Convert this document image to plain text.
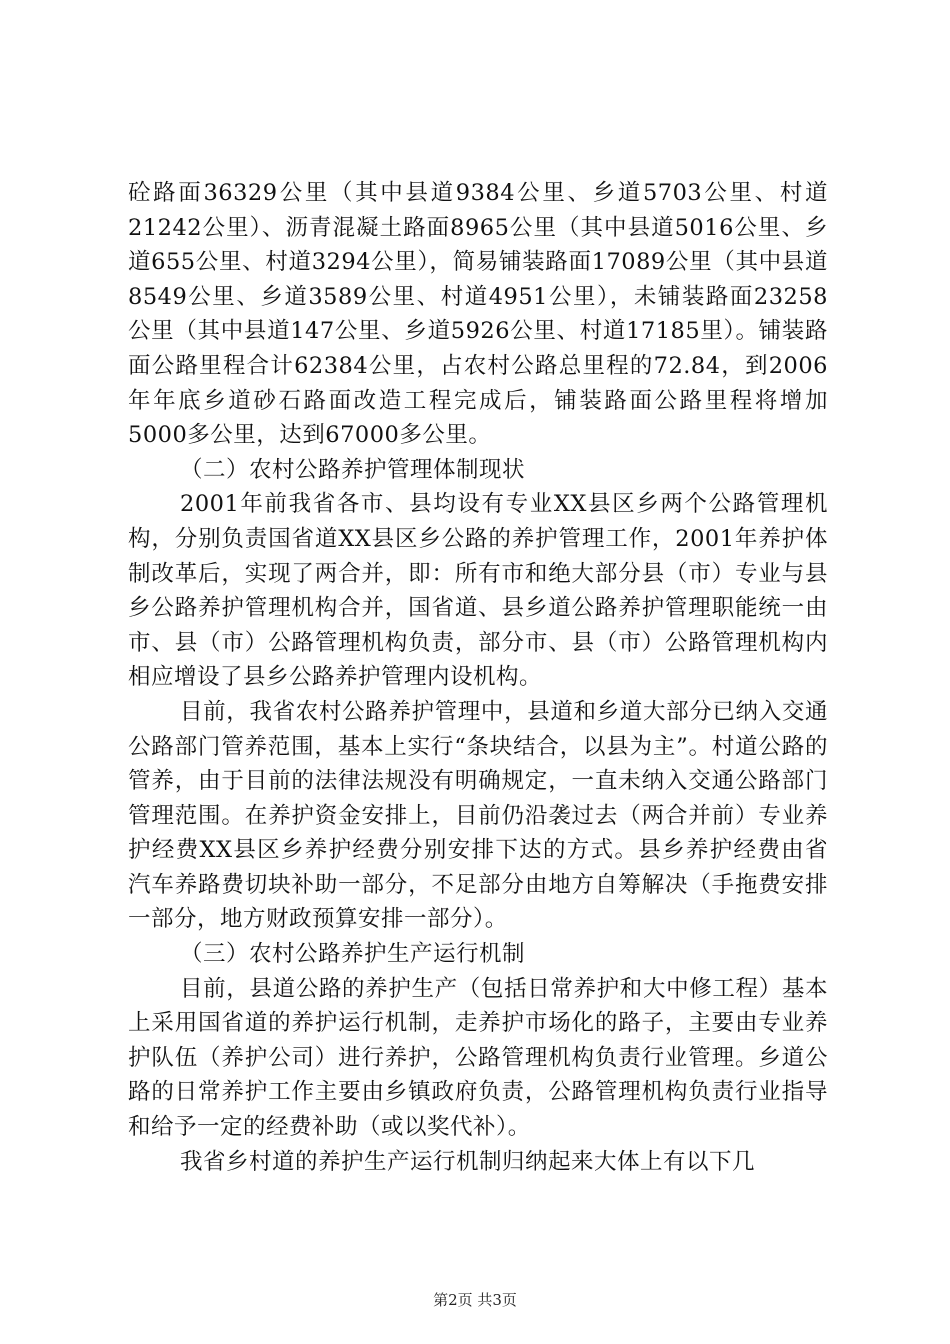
砼路面36329公里（其中县道9384公里、乡道5703公里、村道21242公里）、沥青混凝土路面8965公里（其中县道5016公里、乡道655公里、村道3294公里），简易铺装路面17089公里（其中县道8549公里、乡道3589公里、村道4951公里），未铺装路面23258公里（其中县道147公里、乡道5926公里、村道17185里）。铺装路面公路里程合计62384公里，占农村公路总里程的72.84，到2006年年底乡道砂石路面改造工程完成后，铺装路面公路里程将增加5000多公里，达到67000多公里。

（二）农村公路养护管理体制现状

2001年前我省各市、县均设有专业XX县区乡两个公路管理机构，分别负责国省道XX县区乡公路的养护管理工作，2001年养护体制改革后，实现了两合并，即：所有市和绝大部分县（市）专业与县乡公路养护管理机构合并，国省道、县乡道公路养护管理职能统一由市、县（市）公路管理机构负责，部分市、县（市）公路管理机构内相应增设了县乡公路养护管理内设机构。

目前，我省农村公路养护管理中，县道和乡道大部分已纳入交通公路部门管养范围，基本上实行“条块结合，以县为主”。村道公路的管养，由于目前的法律法规没有明确规定，一直未纳入交通公路部门管理范围。在养护资金安排上，目前仍沿袭过去（两合并前）专业养护经费XX县区乡养护经费分别安排下达的方式。县乡养护经费由省汽车养路费切块补助一部分，不足部分由地方自筹解决（手拖费安排一部分，地方财政预算安排一部分）。

（三）农村公路养护生产运行机制

目前，县道公路的养护生产（包括日常养护和大中修工程）基本上采用国省道的养护运行机制，走养护市场化的路子，主要由专业养护队伍（养护公司）进行养护，公路管理机构负责行业管理。乡道公路的日常养护工作主要由乡镇政府负责，公路管理机构负责行业指导和给予一定的经费补助（或以奖代补）。

我省乡村道的养护生产运行机制归纳起来大体上有以下几

第2页 共3页
